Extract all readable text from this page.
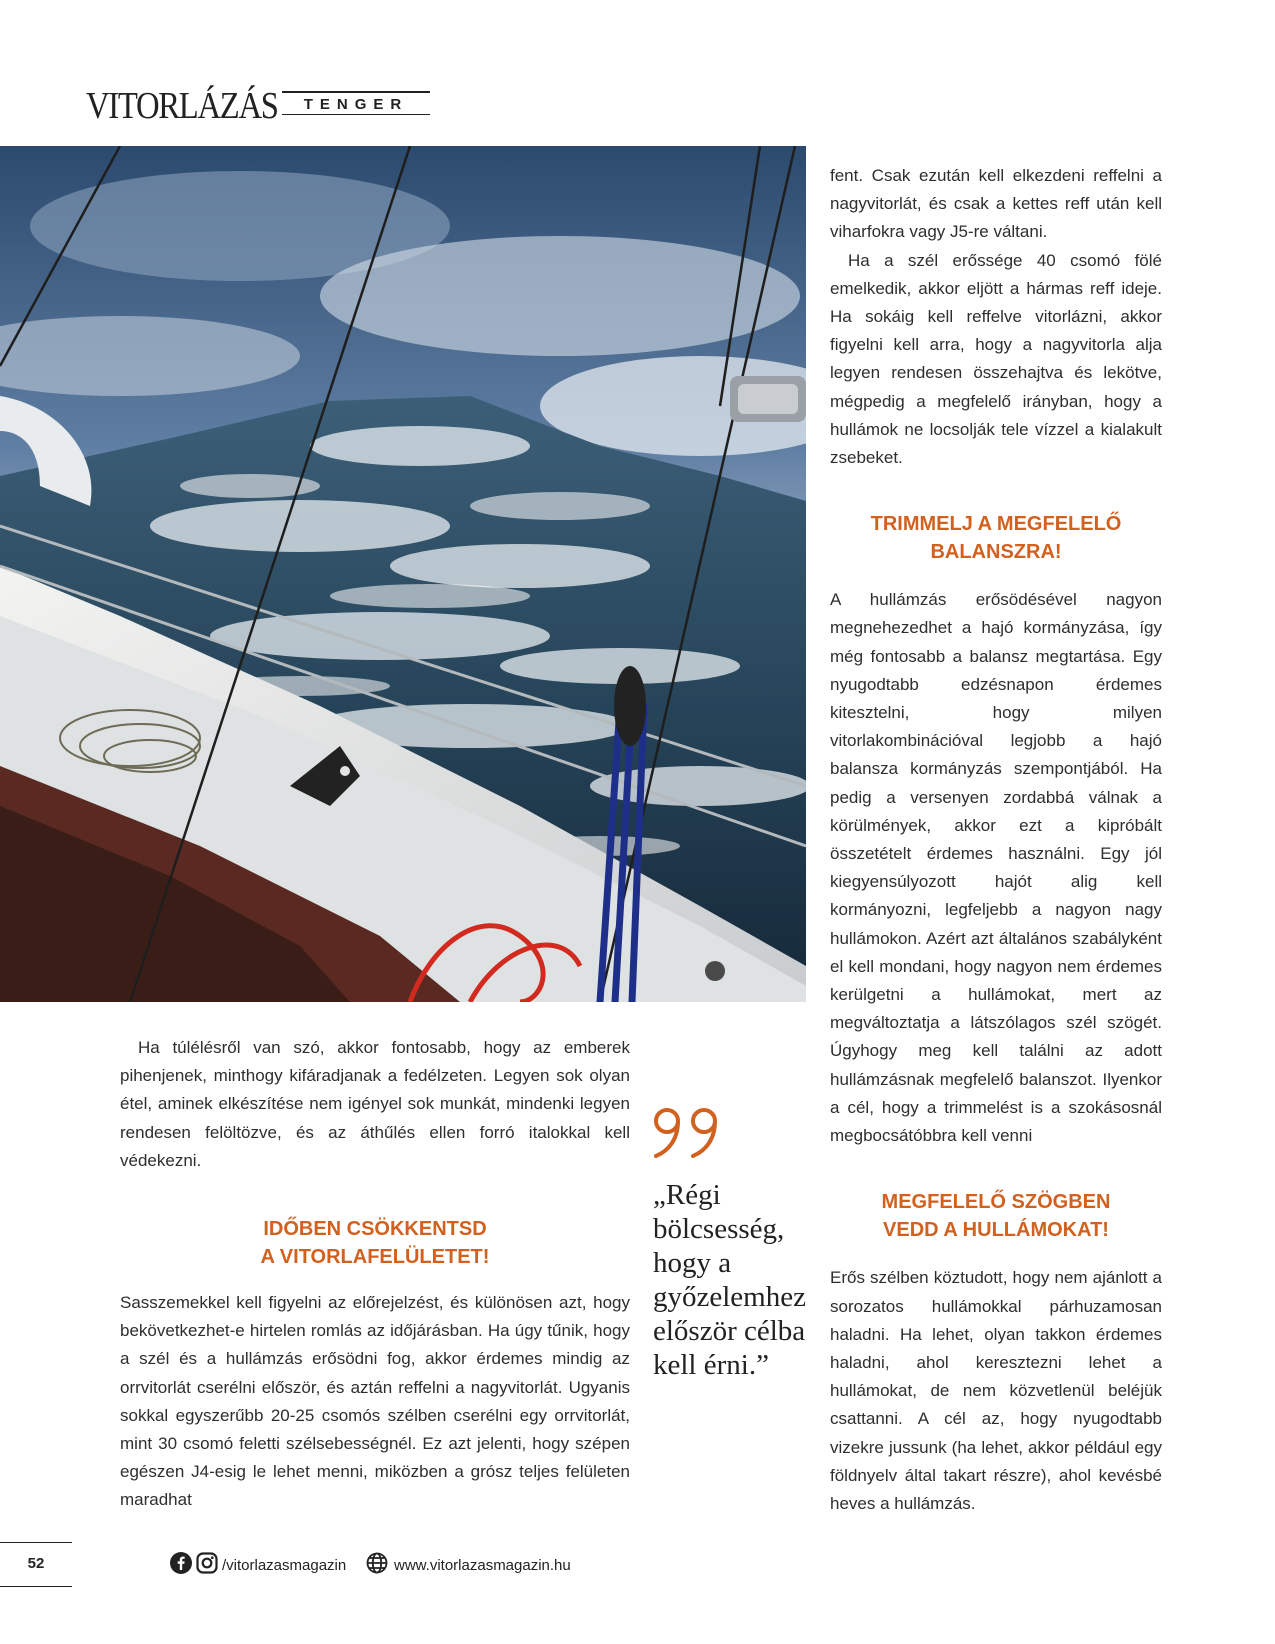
VITORLÁZÁS	TENGER

fent. Csak ezután kell elkezdeni reffelni a nagyvitorlát, és csak a kettes reff után kell viharfokra vagy J5-re váltani.

Ha a szél erőssége 40 csomó fölé emelkedik, akkor eljött a hármas reff ideje. Ha sokáig kell reffelve vitorlázni, akkor figyelni kell arra, hogy a nagyvitorla alja legyen rendesen összehajtva és lekötve, mégpedig a megfelelő irányban, hogy a hullámok ne locsolják tele vízzel a kialakult zsebeket.

TRIMMELJ A MEGFELELŐ
BALANSZRA!

A hullámzás erősödésével nagyon megnehezedhet a hajó kormányzása, így még fontosabb a balansz megtartása. Egy nyugodtabb edzésnapon érdemes kitesztelni, hogy milyen vitorlakombinációval legjobb a hajó balansza kormányzás szempontjából. Ha pedig a versenyen zordabbá válnak a körülmények, akkor ezt a kipróbált összetételt érdemes használni. Egy jól kiegyensúlyozott hajót alig kell kormányozni, legfeljebb a nagyon nagy hullámokon. Azért azt általános szabályként el kell mondani, hogy nagyon nem érdemes kerülgetni a hullámokat, mert az megváltoztatja a látszólagos szél szögét. Úgyhogy meg kell találni az adott hullámzásnak megfelelő balanszot. Ilyenkor a cél, hogy a trimmelést is a szokásosnál megbocsátóbbra kell venni

MEGFELELŐ SZÖGBEN
VEDD A HULLÁMOKAT!

Erős szélben köztudott, hogy nem ajánlott a sorozatos hullámokkal párhuzamosan haladni. Ha lehet, olyan takkon érdemes haladni, ahol keresztezni lehet a hullámokat, de nem közvetlenül beléjük csattanni. A cél az, hogy nyugodtabb vizekre jussunk (ha lehet, akkor például egy földnyelv által takart részre), ahol kevésbé heves a hullámzás.

Ha túlélésről van szó, akkor fontosabb, hogy az emberek pihenjenek, minthogy kifáradjanak a fedélzeten. Legyen sok olyan étel, aminek elkészítése nem igényel sok munkát, mindenki legyen rendesen felöltözve, és az áthűlés ellen forró italokkal kell védekezni.

IDŐBEN CSÖKKENTSD
A VITORLAFELÜLETET!

Sasszemekkel kell figyelni az előrejelzést, és különösen azt, hogy bekövetkezhet-e hirtelen romlás az időjárásban. Ha úgy tűnik, hogy a szél és a hullámzás erősödni fog, akkor érdemes mindig az orrvitorlát cserélni először, és aztán reffelni a nagyvitorlát. Ugyanis sokkal egyszerűbb 20-25 csomós szélben cserélni egy orrvitorlát, mint 30 csomó feletti szélsebességnél. Ez azt jelenti, hogy szépen egészen J4-esig le lehet menni, miközben a grósz teljes felületen maradhat

„Régi bölcsesség, hogy a győzelemhez először célba kell érni.”

52	/vitorlazasmagazin	www.vitorlazasmagazin.hu
